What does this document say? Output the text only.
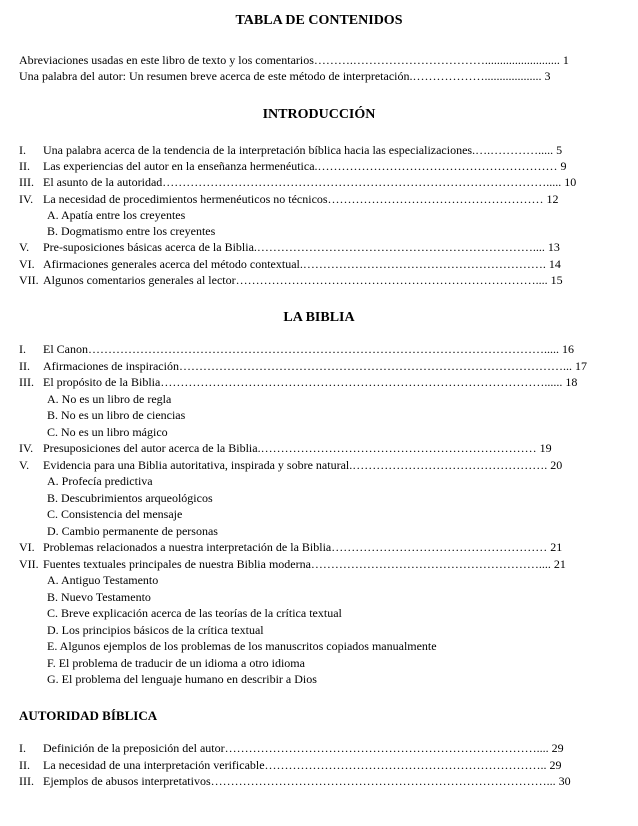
TABLA DE CONTENIDOS
Abreviaciones usadas en este libro de texto y los comentarios……….……………………………......................... 1
Una palabra del autor: Un resumen breve acerca de este método de interpretación.………………................... 3
INTRODUCCIÓN
I. Una palabra acerca de la tendencia de la interpretación bíblica hacia las especializaciones.….…………..... 5
II. Las experiencias del autor en la enseñanza hermenéutica.…………………………………………………… 9
III. El asunto de la autoridad……………………………………………………………………………………..... 10
IV. La necesidad de procedimientos hermenéuticos no técnicos……………………………………………… 12
A. Apatía entre los creyentes
B. Dogmatismo entre los creyentes
V. Pre-suposiciones básicas acerca de la Biblia.…………………………………………………………….... 13
VI. Afirmaciones generales acerca del método contextual.……………………………………………………. 14
VII. Algunos comentarios generales al lector………………………………………………………………….... 15
LA BIBLIA
I. El Canon……………………………………………………………………………………………………..... 16
II. Afirmaciones de inspiración……………………………………………………………………………………... 17
III. El propósito de la Biblia……………………………………………………………………………………...... 18
A. No es un libro de regla
B. No es un libro de ciencias
C. No es un libro mágico
IV. Presuposiciones del autor acerca de la Biblia.…………………………………………………………… 19
V. Evidencia para una Biblia autoritativa, inspirada y sobre natural.…………………………………………. 20
A. Profecía predictiva
B. Descubrimientos arqueológicos
C. Consistencia del mensaje
D. Cambio permanente de personas
VI. Problemas relacionados a nuestra interpretación de la Biblia……………………………………………… 21
VII. Fuentes textuales principales de nuestra Biblia moderna………………………………………………….... 21
A. Antiguo Testamento
B. Nuevo Testamento
C. Breve explicación acerca de las teorías de la crítica textual
D. Los principios básicos de la crítica textual
E. Algunos ejemplos de los problemas de los manuscritos copiados manualmente
F. El problema de traducir de un idioma a otro idioma
G. El problema del lenguaje humano en describir a Dios
AUTORIDAD BÍBLICA
I. Definición de la preposición del autor…………………………………………………………………….... 29
II. La necesidad de una interpretación verificable…………………………………………………………….. 29
III. Ejemplos de abusos interpretativos…………………………………………………………………………... 30
